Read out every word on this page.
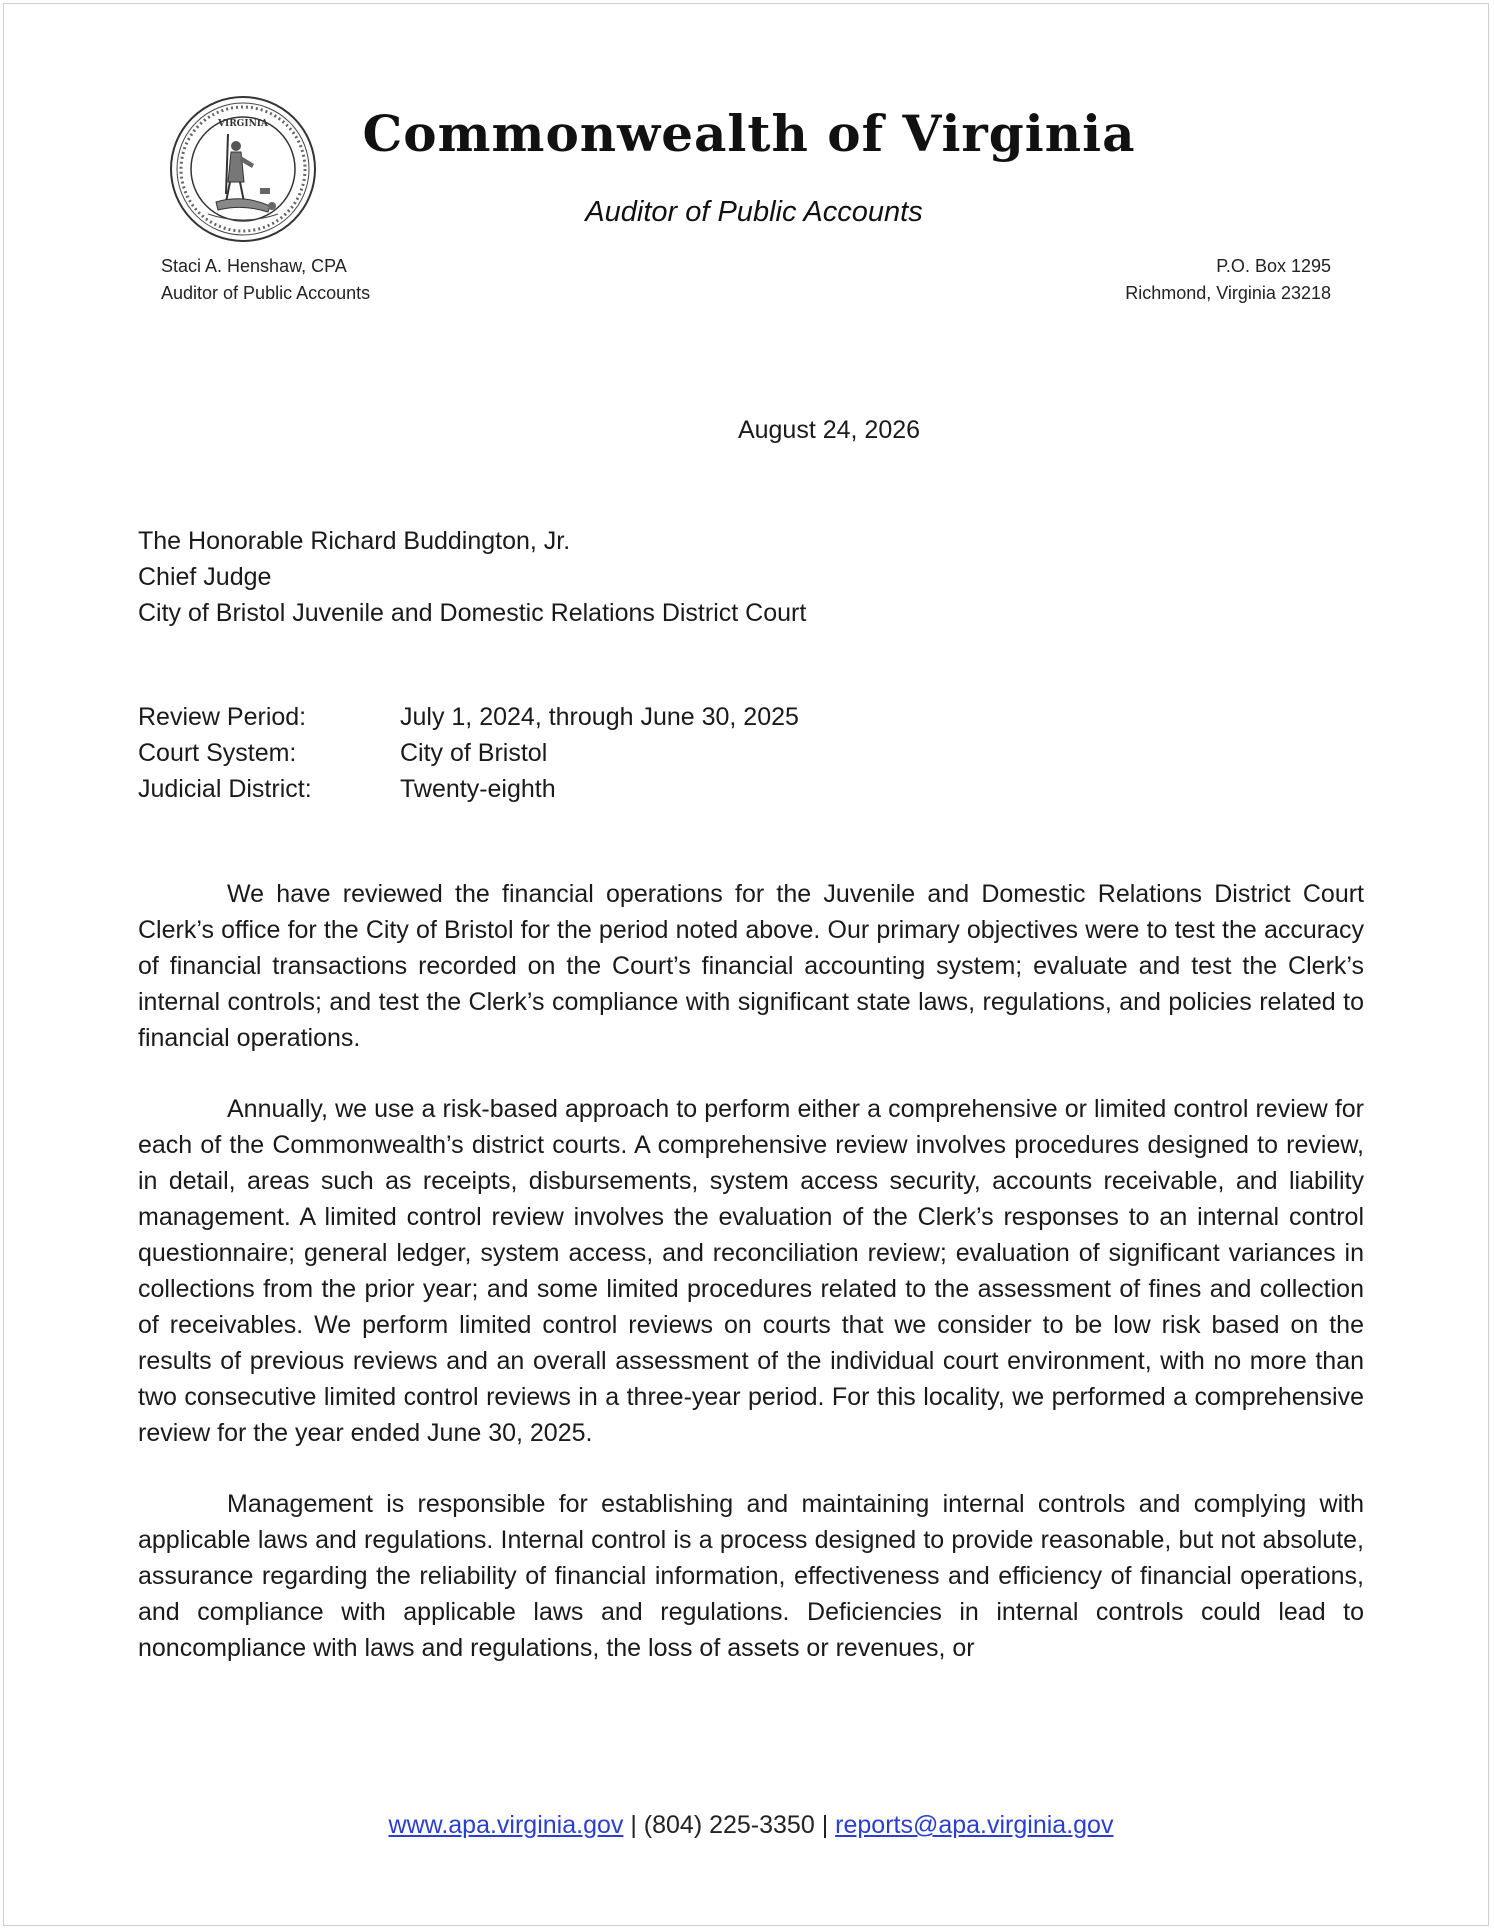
VIRGINIA	Commonwealth of Virginia
Auditor of Public Accounts
Staci A. Henshaw, CPA
Auditor of Public Accounts
P.O. Box 1295
Richmond, Virginia 23218
August 24, 2026
The Honorable Richard Buddington, Jr.
Chief Judge
City of Bristol Juvenile and Domestic Relations District Court
Review Period:	July 1, 2024, through June 30, 2025
Court System:	City of Bristol
Judicial District:	Twenty-eighth

We have reviewed the financial operations for the Juvenile and Domestic Relations District Court Clerk’s office for the City of Bristol for the period noted above. Our primary objectives were to test the accuracy of financial transactions recorded on the Court’s financial accounting system; evaluate and test the Clerk’s internal controls; and test the Clerk’s compliance with significant state laws, regulations, and policies related to financial operations.

Annually, we use a risk-based approach to perform either a comprehensive or limited control review for each of the Commonwealth’s district courts. A comprehensive review involves procedures designed to review, in detail, areas such as receipts, disbursements, system access security, accounts receivable, and liability management. A limited control review involves the evaluation of the Clerk’s responses to an internal control questionnaire; general ledger, system access, and reconciliation review; evaluation of significant variances in collections from the prior year; and some limited procedures related to the assessment of fines and collection of receivables. We perform limited control reviews on courts that we consider to be low risk based on the results of previous reviews and an overall assessment of the individual court environment, with no more than two consecutive limited control reviews in a three-year period. For this locality, we performed a comprehensive review for the year ended June 30, 2025.

Management is responsible for establishing and maintaining internal controls and complying with applicable laws and regulations. Internal control is a process designed to provide reasonable, but not absolute, assurance regarding the reliability of financial information, effectiveness and efficiency of financial operations, and compliance with applicable laws and regulations. Deficiencies in internal controls could lead to noncompliance with laws and regulations, the loss of assets or revenues, or

www.apa.virginia.gov | (804) 225-3350 | reports@apa.virginia.gov
